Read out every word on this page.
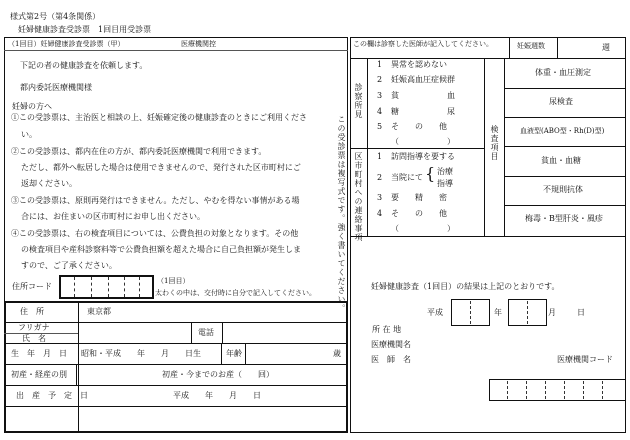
様式第2号（第4条関係）
妊婦健康診査受診票　1回目用受診票
（1回目）妊婦健康診査受診票（甲）	医療機関控
下記の者の健康診査を依頼します。
都内委託医療機関様
妊婦の方へ
①この受診票は、主治医と相談の上、妊娠確定後の健康診査のときにご利用くださ
い。
②この受診票は、都内在住の方が、都内委託医療機関で利用できます。
ただし、都外へ転居した場合は使用できませんので、発行された区市町村にご
返却ください。
③この受診票は、原則再発行はできません。ただし、やむを得ない事情がある場
合には、お住まいの区市町村にお申し出ください。
④この受診票は、右の検査項目については、公費負担の対象となります。その他
の検査項目や産科診察料等で公費負担額を超えた場合に自己負担額が発生しま
すので、ご了承ください。	この受診票は複写式です。強く書いてください。
住所コード
（1回目）
太わくの中は、交付時に自分で記入してください。
住　所	東京都
フリガナ
氏　名
電話
生　年　月　日 昭和・平成　　年　　月　　日生	年齢	歳
初産・経産の別	初産・今までのお産（　　回）
出　産　予　定　日	平成　　年　　月　　日
この欄は診察した医師が記入してください。	妊娠週数	週
診察所見
区市町村への連絡事項
1 異常を認めない
2 妊娠高血圧症候群
3 貧　　　　　　血
4 糖　　　　　　尿
5 そ　　の　　他
（　　　　　　）
1 訪問指導を要する
2 当院にて { 治療
指導
3 要　　精　　密
4 そ　　の　　他
（　　　　　　）
検査項目
体重・血圧測定
尿検査
血液型(ABO型・Rh(D)型)
貧血・血糖
不規則抗体
梅毒・B型肝炎・風疹
妊婦健康診査（1回目）の結果は上記のとおりです。
平成	年	月	日
所 在 地
医療機関名
医　師　名	医療機関コード
